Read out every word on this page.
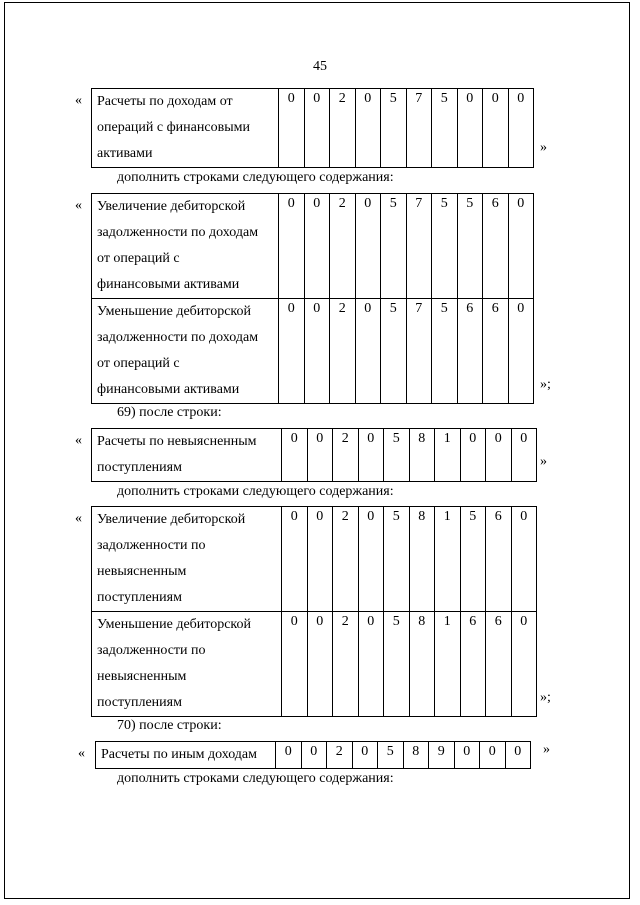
45
« Расчеты по доходам от
операций с финансовыми
активами
	0	0	2	0	5	7	5	0	0	0
»
дополнить строками следующего содержания:
« Увеличение дебиторской
задолженности по доходам
от операций с
финансовыми активами	0	0	2	0	5	7	5	5	6	0

Уменьшение дебиторской
задолженности по доходам
от операций с
финансовыми активами	0	0	2	0	5	7	5	6	6	0
»;
69) после строки:
« Расчеты по невыясненным
поступлениям
	0	0	2	0	5	8	1	0	0	0
»
дополнить строками следующего содержания:
« Увеличение дебиторской
задолженности по
невыясненным
поступлениям	0	0	2	0	5	8	1	5	6	0

Уменьшение дебиторской
задолженности по
невыясненным
поступлениям	0	0	2	0	5	8	1	6	6	0
»;
70) после строки:
« Расчеты по иным доходам	0	0	2	0	5	8	9	0	0	0 »
дополнить строками следующего содержания:
